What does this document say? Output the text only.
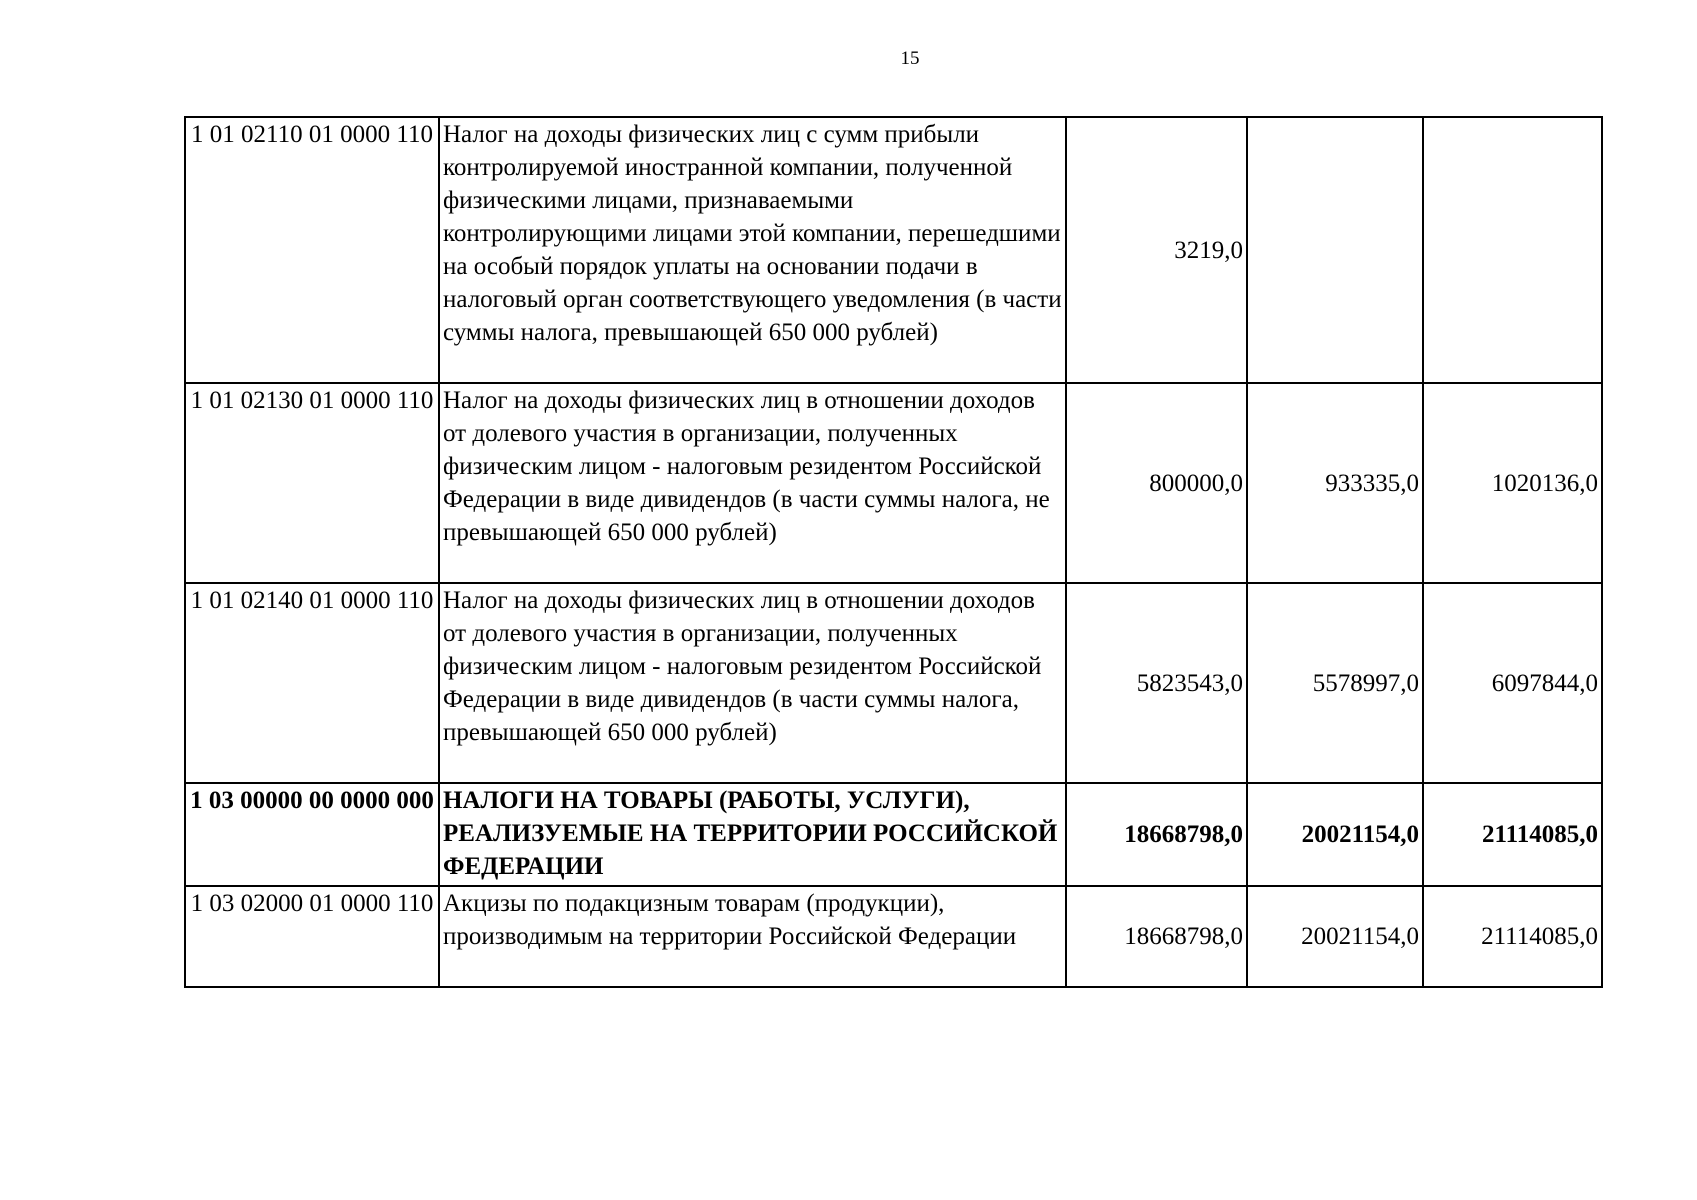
15
1 01 02110 01 0000 110	Налог на доходы физических лиц с сумм прибыли контролируемой иностранной компании, полученной физическими лицами, признаваемыми контролирующими лицами этой компании, перешедшими на особый порядок уплаты на основании подачи в налоговый орган соответствующего уведомления (в части суммы налога, превышающей 650 000 рублей)	3219,0		
1 01 02130 01 0000 110	Налог на доходы физических лиц в отношении доходов от долевого участия в организации, полученных физическим лицом - налоговым резидентом Российской Федерации в виде дивидендов (в части суммы налога, не превышающей 650 000 рублей)	800000,0	933335,0	1020136,0
1 01 02140 01 0000 110	Налог на доходы физических лиц в отношении доходов от долевого участия в организации, полученных физическим лицом - налоговым резидентом Российской Федерации в виде дивидендов (в части суммы налога, превышающей 650 000 рублей)	5823543,0	5578997,0	6097844,0
1 03 00000 00 0000 000	НАЛОГИ НА ТОВАРЫ (РАБОТЫ, УСЛУГИ), РЕАЛИЗУЕМЫЕ НА ТЕРРИТОРИИ РОССИЙСКОЙ ФЕДЕРАЦИИ	18668798,0	20021154,0	21114085,0
1 03 02000 01 0000 110	Акцизы по подакцизным товарам (продукции), производимым на территории Российской Федерации	18668798,0	20021154,0	21114085,0
